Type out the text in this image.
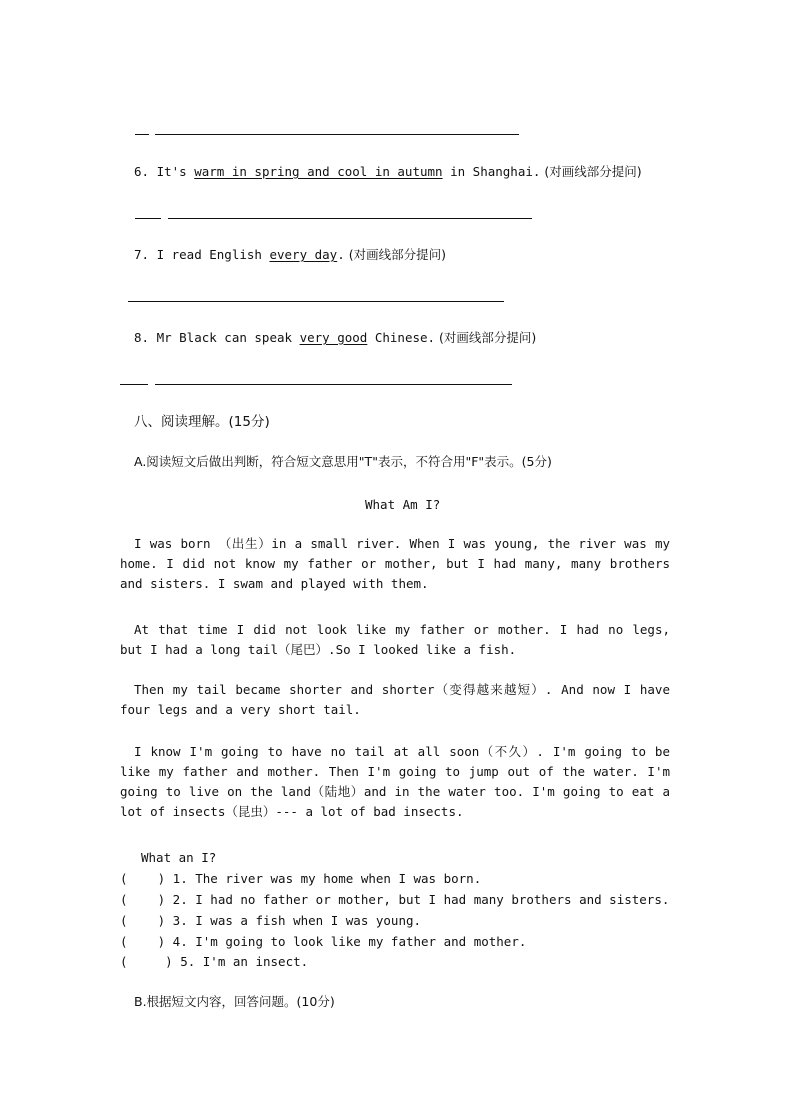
6. It's warm in spring and cool in autumn in Shanghai. (对画线部分提问)
7. I read English every day. (对画线部分提问)
8. Mr Black can speak very good Chinese. (对画线部分提问)
八、阅读理解。(15分)
A.阅读短文后做出判断，符合短文意思用"T"表示，不符合用"F"表示。(5分)
What Am I?

I was born （出生）in a small river. When I was young, the river was my home. I did not know my father or mother, but I had many, many brothers and sisters. I swam and played with them.

At that time I did not look like my father or mother. I had no legs, but I had a long tail（尾巴）.So I looked like a fish.

Then my tail became shorter and shorter（变得越来越短）. And now I have four legs and a very short tail.

I know I'm going to have no tail at all soon（不久）. I'm going to be like my father and mother. Then I'm going to jump out of the water. I'm going to live on the land（陆地）and in the water too. I'm going to eat a lot of insects（昆虫）--- a lot of bad insects.

What an I?
(    ) 1. The river was my home when I was born.
(    ) 2. I had no father or mother, but I had many brothers and sisters.
(    ) 3. I was a fish when I was young.
(    ) 4. I'm going to look like my father and mother.
(     ) 5. I'm an insect.
B.根据短文内容，回答问题。(10分)
